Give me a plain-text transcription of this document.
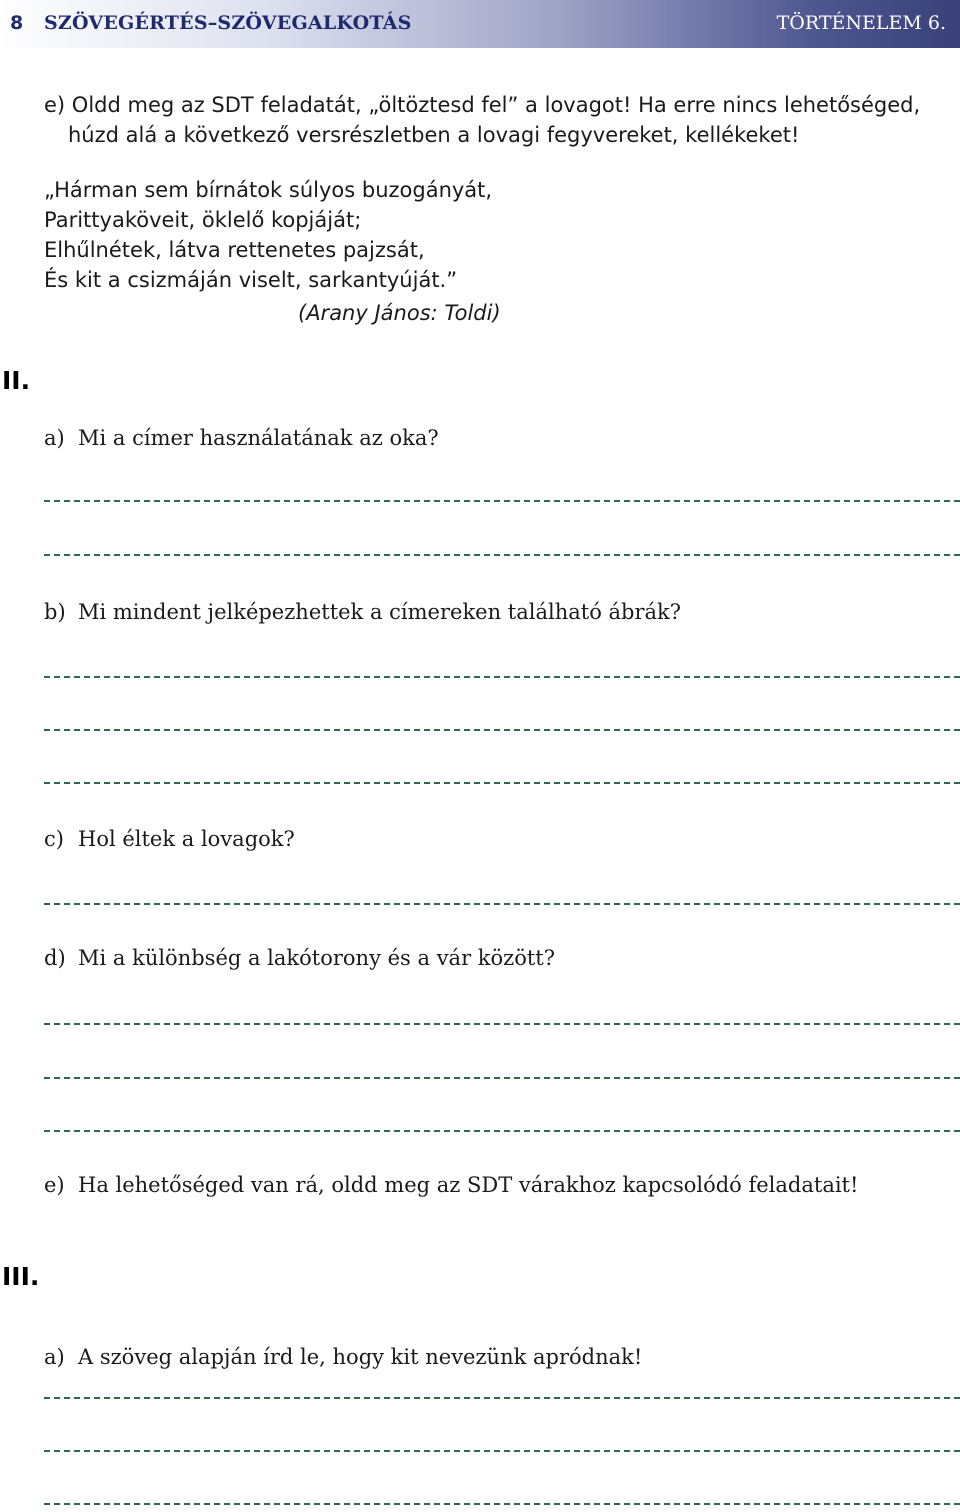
8 SZÖVEGÉRTÉS–SZÖVEGALKOTÁS	TÖRTÉNELEM 6.
e) Oldd meg az SDT feladatát, „öltöztesd fel” a lovagot! Ha erre nincs lehetőséged,
húzd alá a következő versrészletben a lovagi fegyvereket, kellékeket!
„Hárman sem bírnátok súlyos buzogányát,
Parittyaköveit, öklelő kopjáját;
Elhűlnétek, látva rettenetes pajzsát,
És kit a csizmáján viselt, sarkantyúját.”
(Arany János: Toldi)
II.
a) Mi a címer használatának az oka?
b) Mi mindent jelképezhettek a címereken található ábrák?
c) Hol éltek a lovagok?
d) Mi a különbség a lakótorony és a vár között?
e) Ha lehetőséged van rá, oldd meg az SDT várakhoz kapcsolódó feladatait!
III.
a) A szöveg alapján írd le, hogy kit nevezünk apródnak!
